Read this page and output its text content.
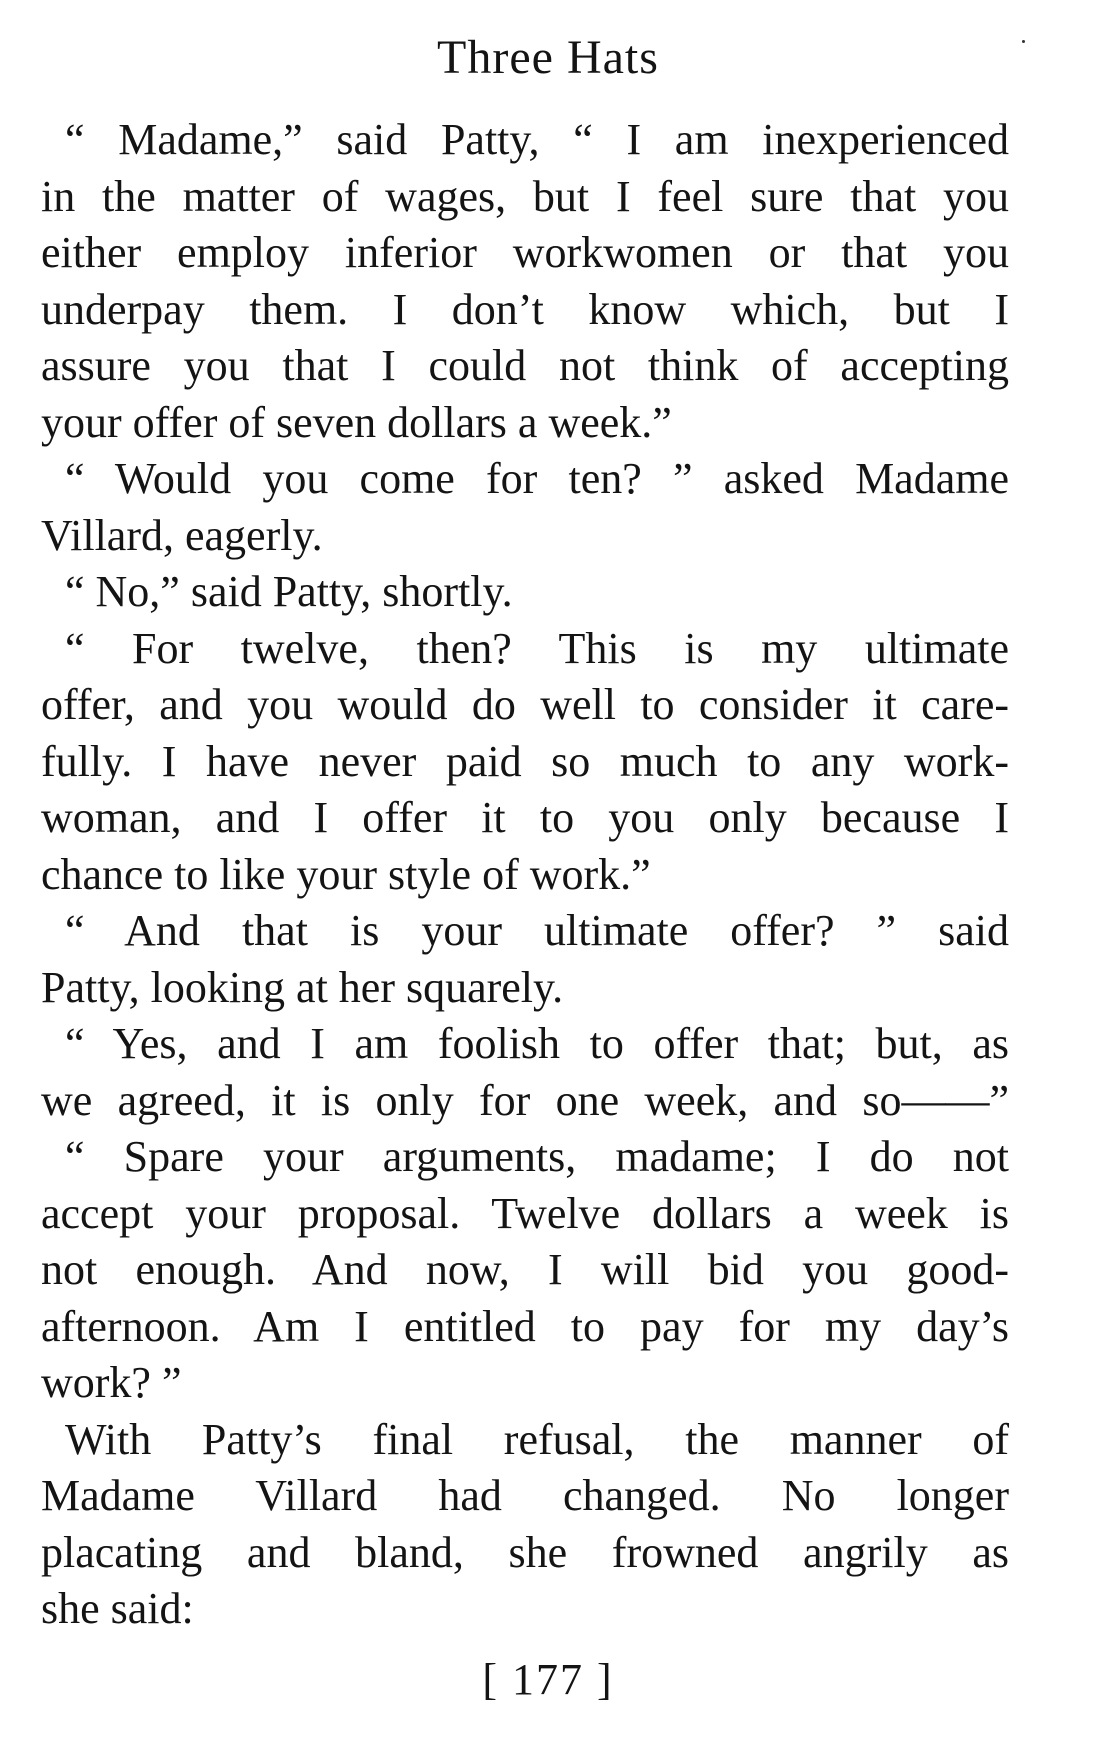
Three Hats
“ Madame,” said Patty, “ I am inexperienced
in the matter of wages, but I feel sure that you
either employ inferior workwomen or that you
underpay them. I don’t know which, but I
assure you that I could not think of accepting
your offer of seven dollars a week.”
“ Would you come for ten? ” asked Madame
Villard, eagerly.
“ No,” said Patty, shortly.
“ For twelve, then? This is my ultimate
offer, and you would do well to consider it care-
fully. I have never paid so much to any work-
woman, and I offer it to you only because I
chance to like your style of work.”
“ And that is your ultimate offer? ” said
Patty, looking at her squarely.
“ Yes, and I am foolish to offer that; but, as
we agreed, it is only for one week, and so——”
“ Spare your arguments, madame; I do not
accept your proposal. Twelve dollars a week is
not enough. And now, I will bid you good-
afternoon. Am I entitled to pay for my day’s
work? ”
With Patty’s final refusal, the manner of
Madame Villard had changed. No longer
placating and bland, she frowned angrily as
she said:
[ 177 ]
